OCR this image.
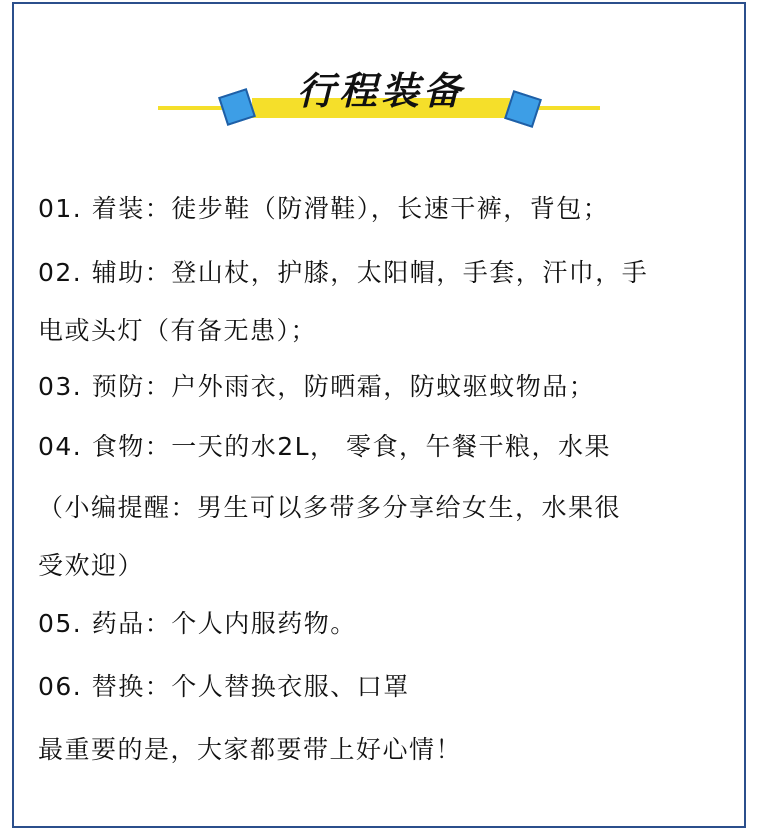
行程装备
01. 着装：徒步鞋（防滑鞋），长速干裤，背包；
02. 辅助：登山杖，护膝，太阳帽，手套，汗巾，手
电或头灯（有备无患）；
03. 预防：户外雨衣，防晒霜，防蚊驱蚊物品；
04. 食物：一天的水2L， 零食，午餐干粮，水果
（小编提醒：男生可以多带多分享给女生，水果很
受欢迎）
05. 药品：个人内服药物。
06. 替换：个人替换衣服、口罩
最重要的是，大家都要带上好心情！
